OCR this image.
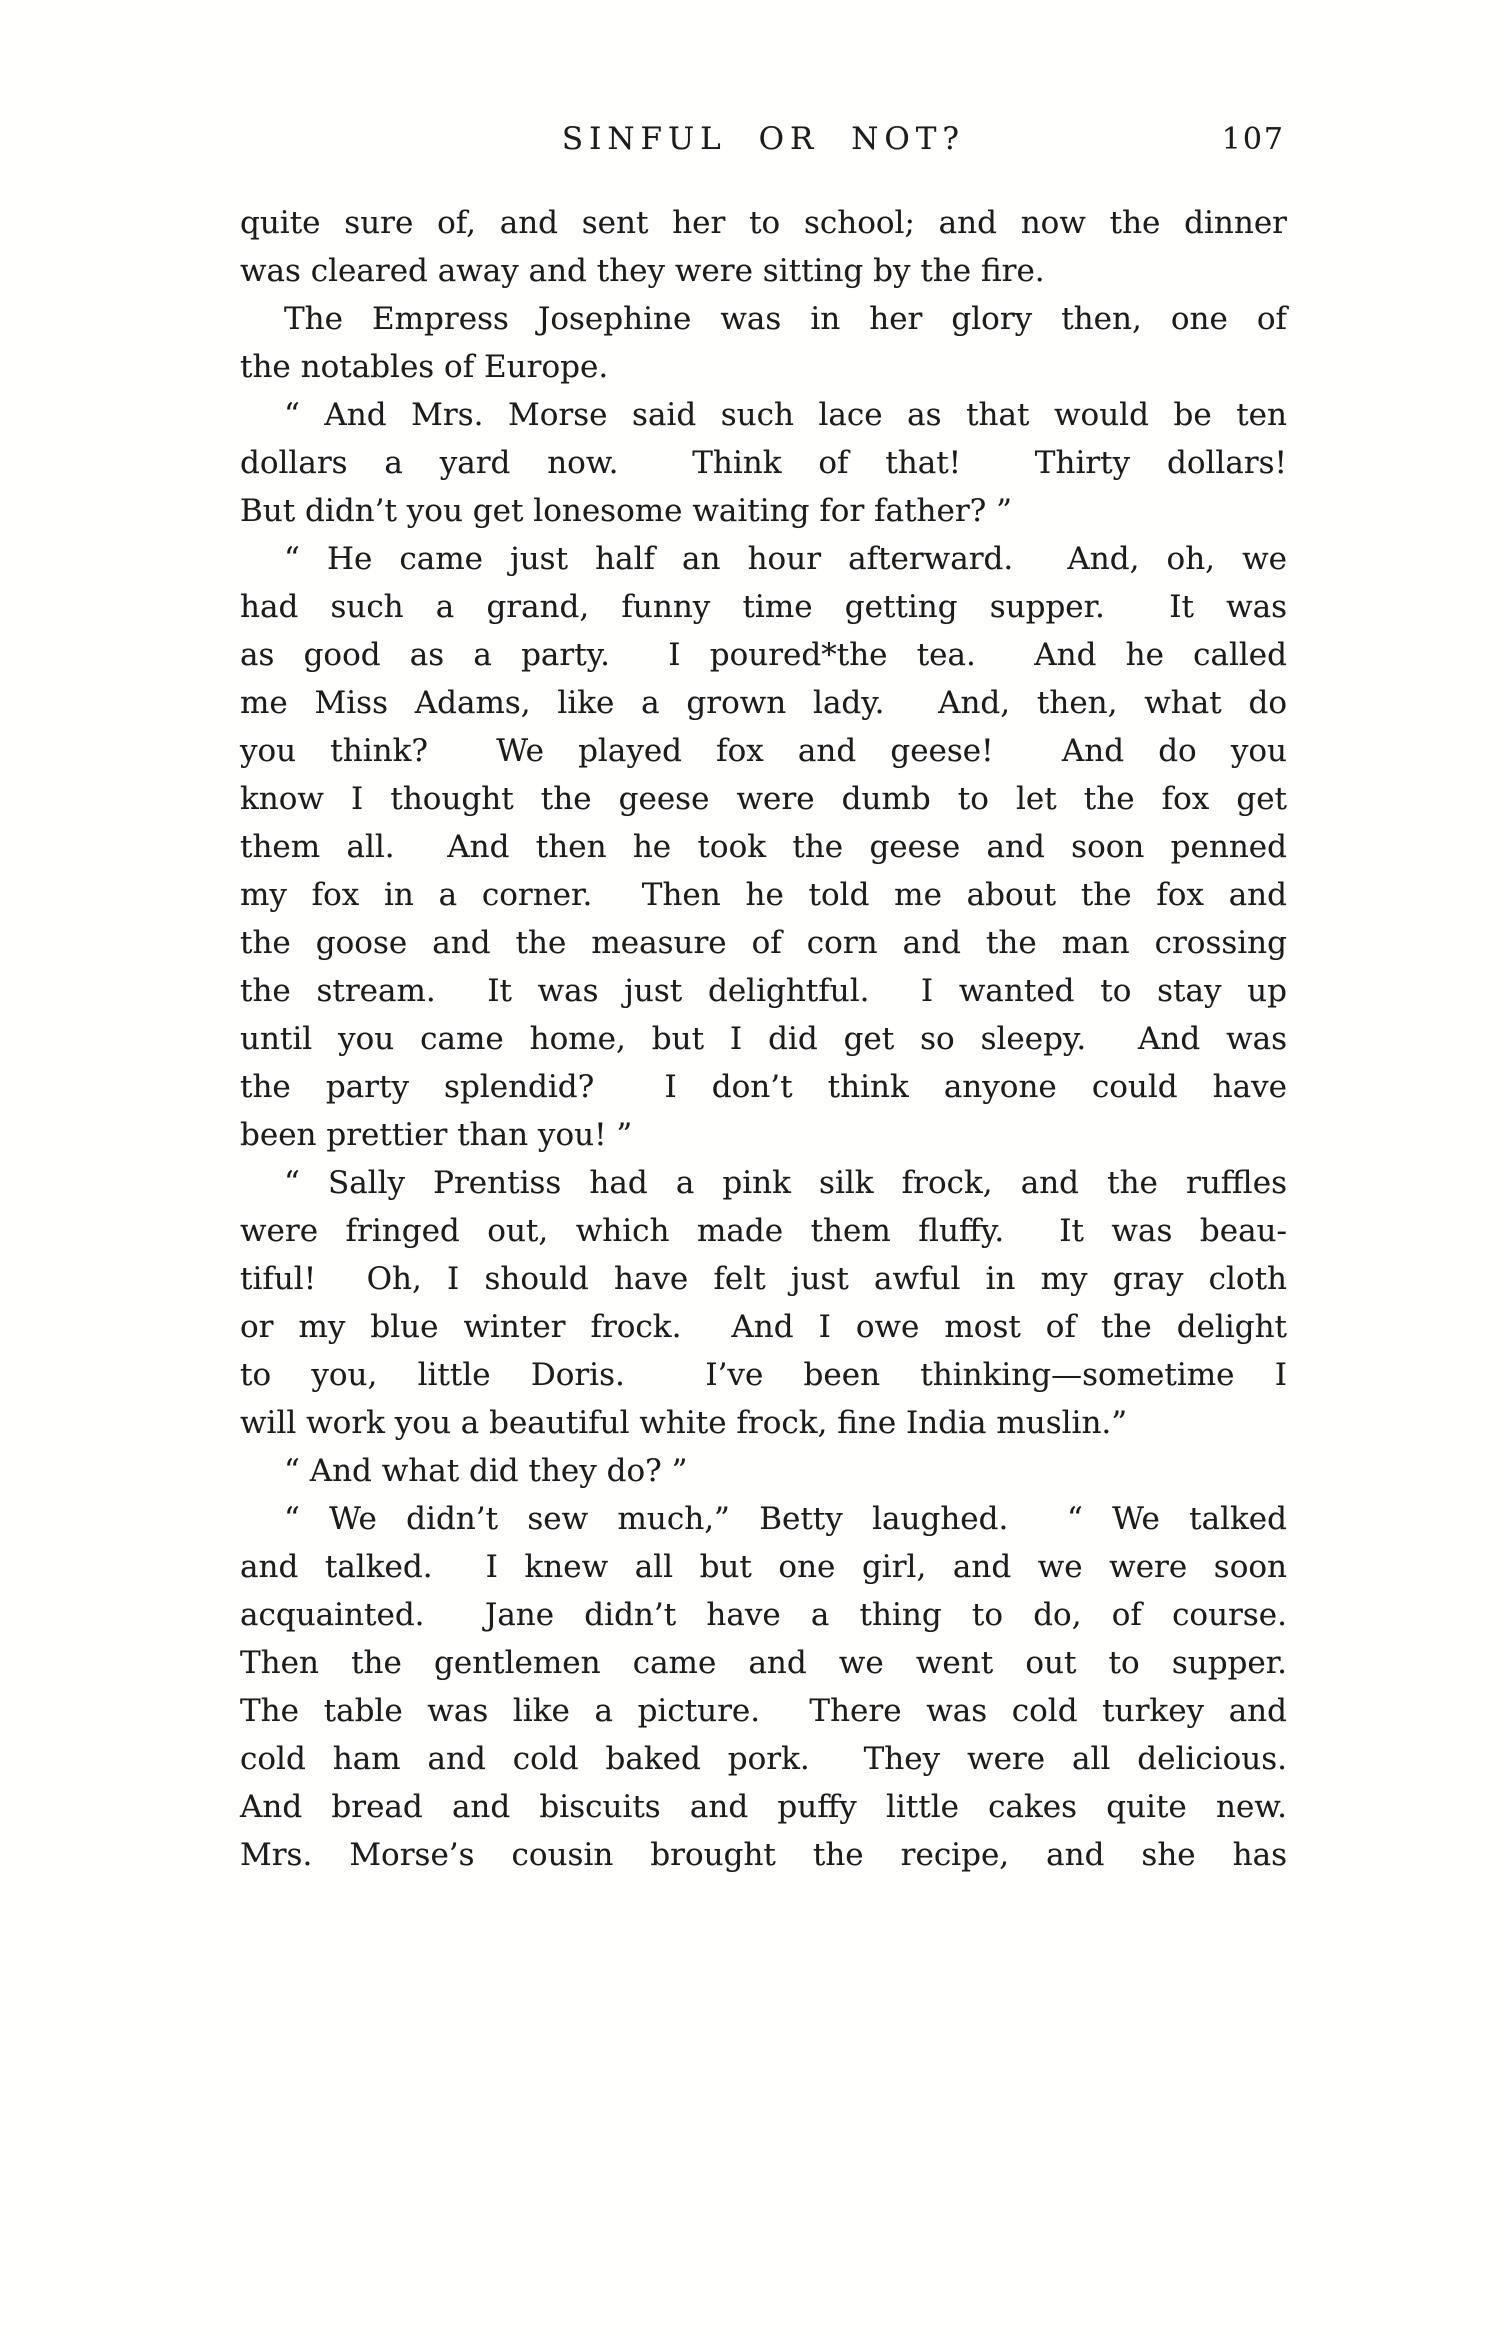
SINFUL OR NOT?	107
quite sure of, and sent her to school; and now the dinner
was cleared away and they were sitting by the fire.
The Empress Josephine was in her glory then, one of
the notables of Europe.
“ And Mrs. Morse said such lace as that would be ten
dollars a yard now.  Think of that!  Thirty dollars!
But didn’t you get lonesome waiting for father? ”
“ He came just half an hour afterward.  And, oh, we
had such a grand, funny time getting supper.  It was
as good as a party.  I poured*the tea.  And he called
me Miss Adams, like a grown lady.  And, then, what do
you think?  We played fox and geese!  And do you
know I thought the geese were dumb to let the fox get
them all.  And then he took the geese and soon penned
my fox in a corner.  Then he told me about the fox and
the goose and the measure of corn and the man crossing
the stream.  It was just delightful.  I wanted to stay up
until you came home, but I did get so sleepy.  And was
the party splendid?  I don’t think anyone could have
been prettier than you! ”
“ Sally Prentiss had a pink silk frock, and the ruffles
were fringed out, which made them fluffy.  It was beau-
tiful!  Oh, I should have felt just awful in my gray cloth
or my blue winter frock.  And I owe most of the delight
to you, little Doris.  I’ve been thinking—sometime I
will work you a beautiful white frock, fine India muslin.”
“ And what did they do? ”
“ We didn’t sew much,” Betty laughed.  “ We talked
and talked.  I knew all but one girl, and we were soon
acquainted.  Jane didn’t have a thing to do, of course.
Then the gentlemen came and we went out to supper.
The table was like a picture.  There was cold turkey and
cold ham and cold baked pork.  They were all delicious.
And bread and biscuits and puffy little cakes quite new.
Mrs. Morse’s cousin brought the recipe, and she has
